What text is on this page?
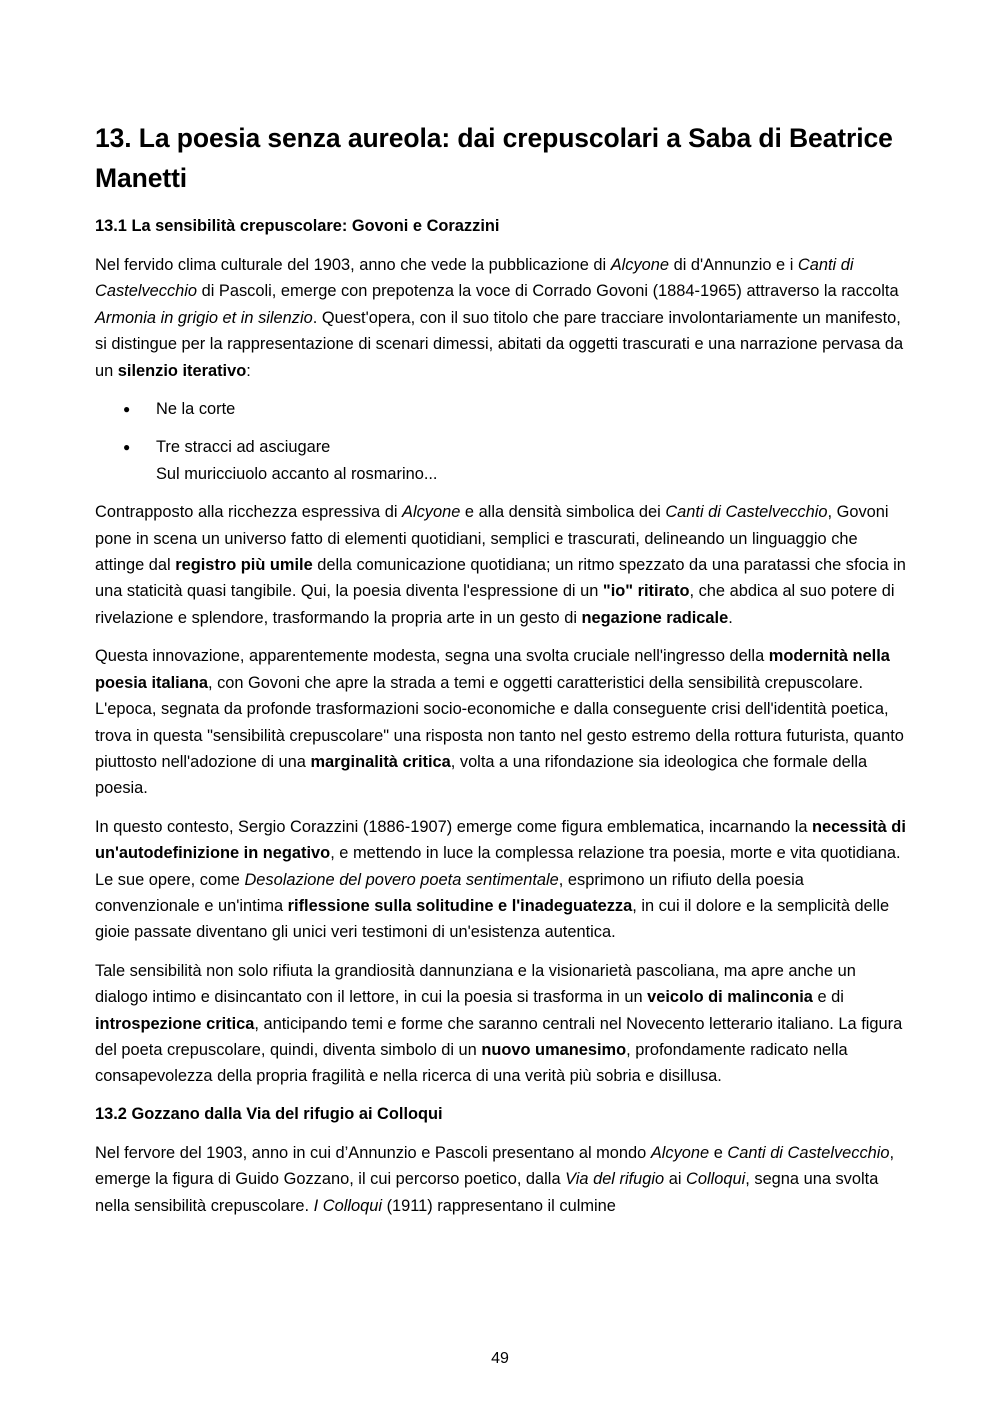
13. La poesia senza aureola: dai crepuscolari a Saba di Beatrice Manetti
13.1 La sensibilità crepuscolare: Govoni e Corazzini

Nel fervido clima culturale del 1903, anno che vede la pubblicazione di Alcyone di d'Annunzio e i Canti di Castelvecchio di Pascoli, emerge con prepotenza la voce di Corrado Govoni (1884-1965) attraverso la raccolta Armonia in grigio et in silenzio. Quest'opera, con il suo titolo che pare tracciare involontariamente un manifesto, si distingue per la rappresentazione di scenari dimessi, abitati da oggetti trascurati e una narrazione pervasa da un silenzio iterativo:

● Ne la corte
● Tre stracci ad asciugare
Sul muricciuolo accanto al rosmarino...

Contrapposto alla ricchezza espressiva di Alcyone e alla densità simbolica dei Canti di Castelvecchio, Govoni pone in scena un universo fatto di elementi quotidiani, semplici e trascurati, delineando un linguaggio che attinge dal registro più umile della comunicazione quotidiana; un ritmo spezzato da una paratassi che sfocia in una staticità quasi tangibile. Qui, la poesia diventa l'espressione di un "io" ritirato, che abdica al suo potere di rivelazione e splendore, trasformando la propria arte in un gesto di negazione radicale.

Questa innovazione, apparentemente modesta, segna una svolta cruciale nell'ingresso della modernità nella poesia italiana, con Govoni che apre la strada a temi e oggetti caratteristici della sensibilità crepuscolare. L'epoca, segnata da profonde trasformazioni socio-economiche e dalla conseguente crisi dell'identità poetica, trova in questa "sensibilità crepuscolare" una risposta non tanto nel gesto estremo della rottura futurista, quanto piuttosto nell'adozione di una marginalità critica, volta a una rifondazione sia ideologica che formale della poesia.

In questo contesto, Sergio Corazzini (1886-1907) emerge come figura emblematica, incarnando la necessità di un'autodefinizione in negativo, e mettendo in luce la complessa relazione tra poesia, morte e vita quotidiana. Le sue opere, come Desolazione del povero poeta sentimentale, esprimono un rifiuto della poesia convenzionale e un'intima riflessione sulla solitudine e l'inadeguatezza, in cui il dolore e la semplicità delle gioie passate diventano gli unici veri testimoni di un'esistenza autentica.

Tale sensibilità non solo rifiuta la grandiosità dannunziana e la visionarietà pascoliana, ma apre anche un dialogo intimo e disincantato con il lettore, in cui la poesia si trasforma in un veicolo di malinconia e di introspezione critica, anticipando temi e forme che saranno centrali nel Novecento letterario italiano. La figura del poeta crepuscolare, quindi, diventa simbolo di un nuovo umanesimo, profondamente radicato nella consapevolezza della propria fragilità e nella ricerca di una verità più sobria e disillusa.

13.2 Gozzano dalla Via del rifugio ai Colloqui

Nel fervore del 1903, anno in cui d’Annunzio e Pascoli presentano al mondo Alcyone e Canti di Castelvecchio, emerge la figura di Guido Gozzano, il cui percorso poetico, dalla Via del rifugio ai Colloqui, segna una svolta nella sensibilità crepuscolare. I Colloqui (1911) rappresentano il culmine

49
